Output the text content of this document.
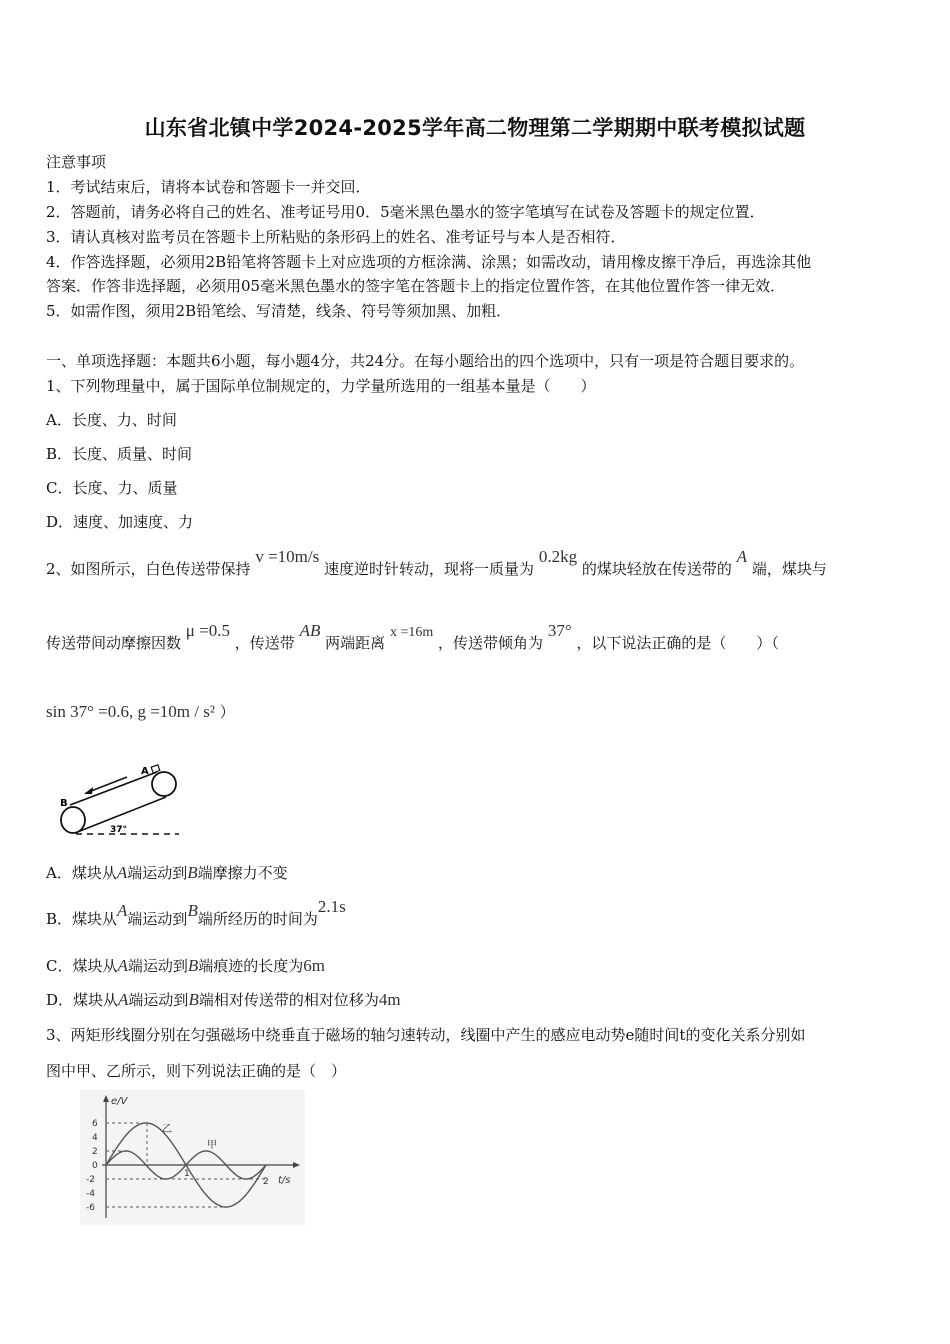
山东省北镇中学2024-2025学年高二物理第二学期期中联考模拟试题
注意事项
1．考试结束后，请将本试卷和答题卡一并交回．
2．答题前，请务必将自己的姓名、准考证号用0．5毫米黑色墨水的签字笔填写在试卷及答题卡的规定位置．
3．请认真核对监考员在答题卡上所粘贴的条形码上的姓名、准考证号与本人是否相符．
4．作答选择题，必须用2B铅笔将答题卡上对应选项的方框涂满、涂黑；如需改动，请用橡皮擦干净后，再选涂其他
答案．作答非选择题，必须用05毫米黑色墨水的签字笔在答题卡上的指定位置作答，在其他位置作答一律无效．
5．如需作图，须用2B铅笔绘、写清楚，线条、符号等须加黑、加粗．
一、单项选择题：本题共6小题，每小题4分，共24分。在每小题给出的四个选项中，只有一项是符合题目要求的。
1、下列物理量中，属于国际单位制规定的，力学量所选用的一组基本量是（　　）
A．长度、力、时间
B．长度、质量、时间
C．长度、力、质量
D．速度、加速度、力
2、如图所示，白色传送带保持 v =10m/s 速度逆时针转动，现将一质量为 0.2kg 的煤块轻放在传送带的 A 端，煤块与
传送带间动摩擦因数 μ =0.5 ，传送带 AB 两端距离 x =16m ，传送带倾角为 37° ，以下说法正确的是（　　）（
sin 37° =0.6, g =10m / s² ）
A
B
37°
A．煤块从A端运动到B端摩擦力不变
B．煤块从A端运动到B端所经历的时间为2.1s
C．煤块从A端运动到B端痕迹的长度为6m
D．煤块从A端运动到B端相对传送带的相对位移为4m
3、两矩形线圈分别在匀强磁场中绕垂直于磁场的轴匀速转动，线圈中产生的感应电动势e随时间t的变化关系分别如
图中甲、乙所示，则下列说法正确的是（　）
e/V
t/s
6
4
2
0
-2
-4
-6
1
2
乙
甲
